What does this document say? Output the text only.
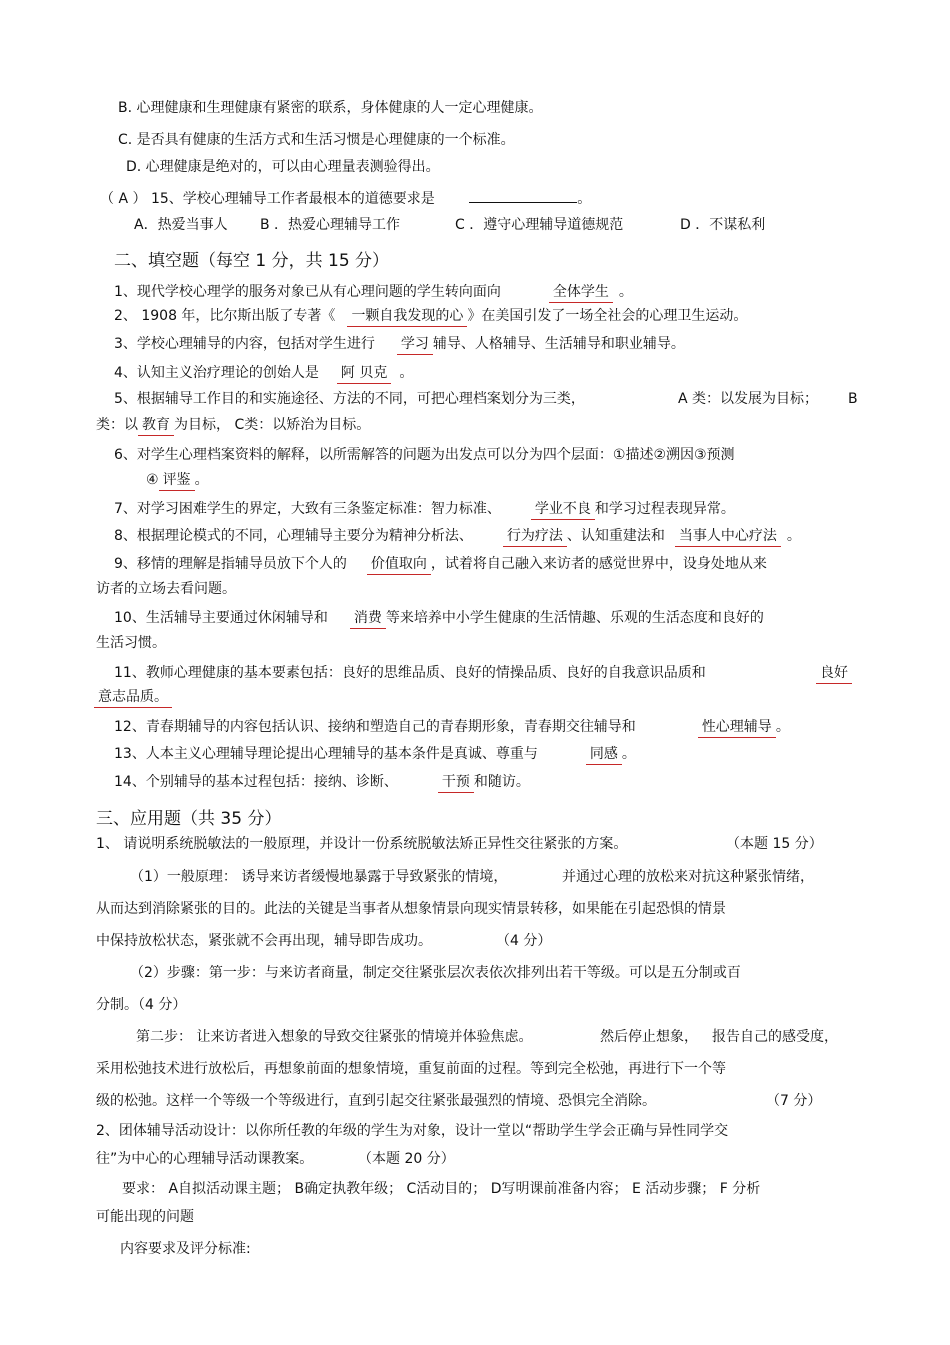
B. 心理健康和生理健康有紧密的联系，身体健康的人一定心理健康。
C. 是否具有健康的生活方式和生活习惯是心理健康的一个标准。
D. 心理健康是绝对的，可以由心理量表测验得出。
（ A ） 15、学校心理辅导工作者最根本的道德要求是	。
A．热爱当事人 B ．热爱心理辅导工作	C ．遵守心理辅导道德规范	D ．不谋私利
二、填空题（每空 1 分，共 15 分）
1、现代学校心理学的服务对象已从有心理问题的学生转向面向	全体学生 。
2、 1908 年，比尔斯出版了专著《 一颗自我发现的心 》在美国引发了一场全社会的心理卫生运动。
3、学校心理辅导的内容，包括对学生进行 学习 辅导、人格辅导、生活辅导和职业辅导。
4、认知主义治疗理论的创始人是 阿 贝克 。
5、根据辅导工作目的和实施途径、方法的不同，可把心理档案划分为三类，	A 类：以发展为目标； B
类：以 教育 为目标， C类：以矫治为目标。
6、对学生心理档案资料的解释，以所需解答的问题为出发点可以分为四个层面：①描述②溯因③预测
④ 评鉴 。
7、对学习困难学生的界定，大致有三条鉴定标准：智力标准、 学业不良 和学习过程表现异常。
8、根据理论模式的不同，心理辅导主要分为精神分析法、 行为疗法 、认知重建法和 当事人中心疗法 。
9、移情的理解是指辅导员放下个人的 价值取向 ，试着将自己融入来访者的感觉世界中，设身处地从来
访者的立场去看问题。
10、生活辅导主要通过休闲辅导和 消费 等来培养中小学生健康的生活情趣、乐观的生活态度和良好的
生活习惯。
11、教师心理健康的基本要素包括：良好的思维品质、良好的情操品质、良好的自我意识品质和	良好
意志品质。
12、青春期辅导的内容包括认识、接纳和塑造自己的青春期形象，青春期交往辅导和	性心理辅导 。
13、人本主义心理辅导理论提出心理辅导的基本条件是真诚、尊重与	同感 。
14、个别辅导的基本过程包括：接纳、诊断、	干预 和随访。
三、应用题（共 35 分）
1、 请说明系统脱敏法的一般原理，并设计一份系统脱敏法矫正异性交往紧张的方案。	（本题 15 分）
（1）一般原理： 诱导来访者缓慢地暴露于导致紧张的情境，	并通过心理的放松来对抗这种紧张情绪，
从而达到消除紧张的目的。此法的关键是当事者从想象情景向现实情景转移，如果能在引起恐惧的情景
中保持放松状态，紧张就不会再出现，辅导即告成功。	（4 分）
（2）步骤：第一步：与来访者商量，制定交往紧张层次表依次排列出若干等级。可以是五分制或百
分制。（4 分）
第二步： 让来访者进入想象的导致交往紧张的情境并体验焦虑。	然后停止想象， 报告自己的感受度，
采用松弛技术进行放松后，再想象前面的想象情境，重复前面的过程。等到完全松弛，再进行下一个等
级的松弛。这样一个等级一个等级进行，直到引起交往紧张最强烈的情境、恐惧完全消除。	（7 分）
2、团体辅导活动设计：以你所任教的年级的学生为对象，设计一堂以“帮助学生学会正确与异性同学交
往”为中心的心理辅导活动课教案。	（本题 20 分）
要求： A自拟活动课主题； B确定执教年级； C活动目的； D写明课前准备内容； E 活动步骤； F 分析
可能出现的问题
内容要求及评分标准:
